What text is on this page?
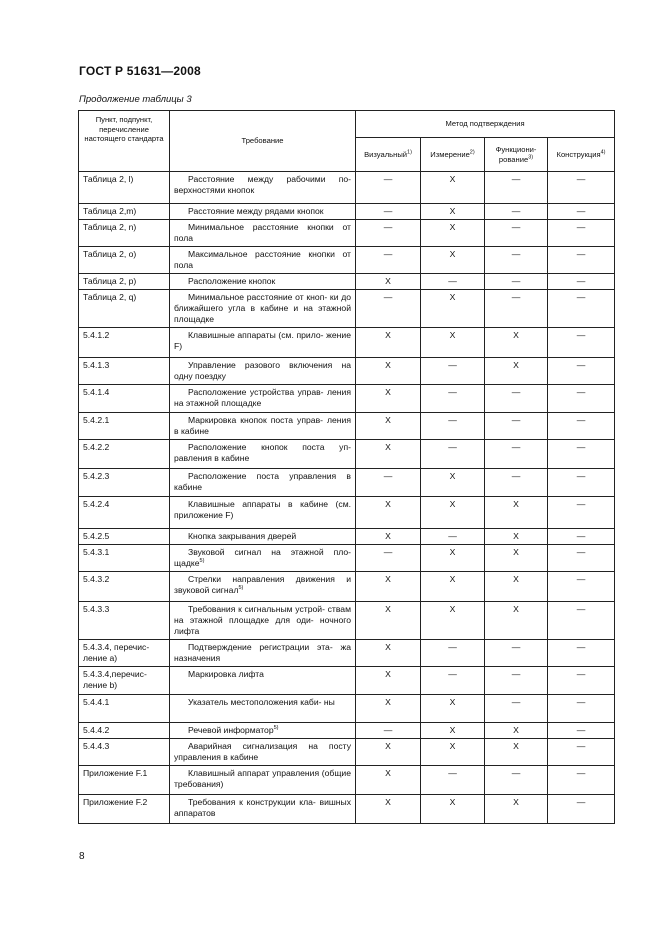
ГОСТ Р 51631—2008
Продолжение таблицы 3
Пункт, подпункт, перечисление настоящего стандарта	Требование	Метод подтверждения			
		Визуальный$^{1)}$	Измерение$^{2)}$	Функциони- рование$^{3)}$	Конструкция$^{4)}$
Таблица 2, l)	Расстояние между рабочими по- верхностями кнопок	—	X	—	—
Таблица 2,m)	Расстояние между рядами кнопок	—	X	—	—
Таблица 2, n)	Минимальное расстояние кнопки от пола	—	X	—	—
Таблица 2, o)	Максимальное расстояние кнопки от пола	—	X	—	—
Таблица 2, p)	Расположение кнопок	X	—	—	—
Таблица 2, q)	Минимальное расстояние от кноп- ки до ближайшего угла в кабине и на этажной площадке	—	X	—	—
5.4.1.2	Клавишные аппараты (см. прило- жение F)	X	X	X	—
5.4.1.3	Управление разового включения на одну поездку	X	—	X	—
5.4.1.4	Расположение устройства управ- ления на этажной площадке	X	—	—	—
5.4.2.1	Маркировка кнопок поста управ- ления в кабине	X	—	—	—
5.4.2.2	Расположение кнопок поста уп- равления в кабине	X	—	—	—
5.4.2.3	Расположение поста управления в кабине	—	X	—	—
5.4.2.4	Клавишные аппараты в кабине (см. приложение F)	X	X	X	—
5.4.2.5	Кнопка закрывания дверей	X	—	X	—
5.4.3.1	Звуковой сигнал на этажной пло- щадке$^{5)}$	—	X	X	—
5.4.3.2	Стрелки направления движения и звуковой сигнал$^{5)}$	X	X	X	—
5.4.3.3	Требования к сигнальным устрой- ствам на этажной площадке для оди- ночного лифта	X	X	X	—
5.4.3.4, перечис- ление a)	Подтверждение регистрации эта- жа назначения	X	—	—	—
5.4.3.4,перечис- ление b)	Маркировка лифта	X	—	—	—
5.4.4.1	Указатель местоположения каби- ны	X	X	—	—
5.4.4.2	Речевой информатор$^{5)}$	—	X	X	—
5.4.4.3	Аварийная сигнализация на посту управления в кабине	X	X	X	—
Приложение F.1	Клавишный аппарат управления (общие требования)	X	—	—	—
Приложение F.2	Требования к конструкции кла- вишных аппаратов	X	X	X	—
8
